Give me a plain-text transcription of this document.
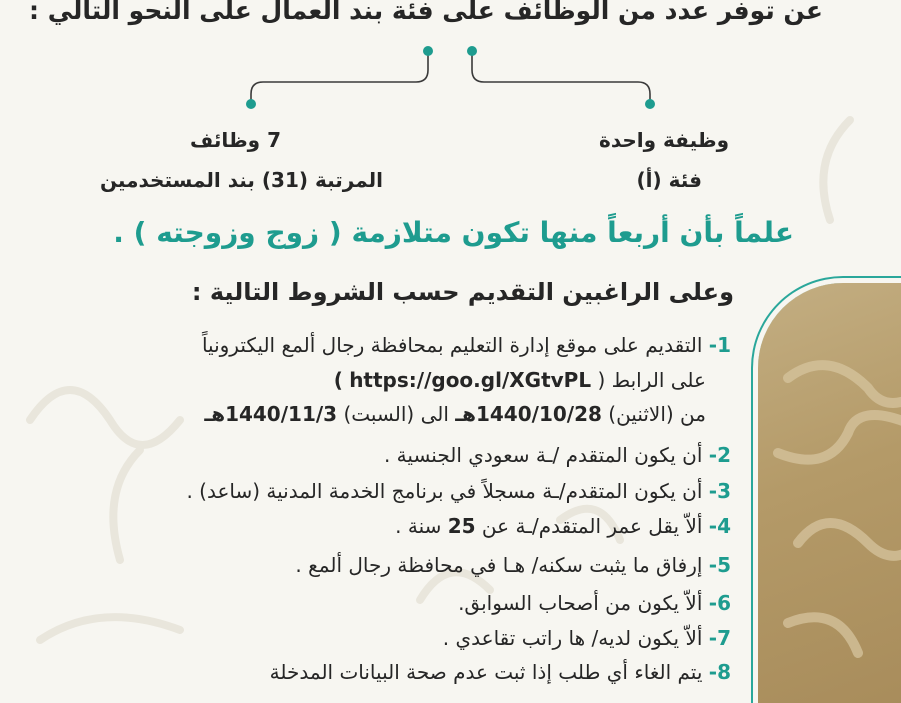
عن توفر عدد من الوظائف على فئة بند العمال على النحو التالي :
وظيفة واحدة
فئة (أ)
7 وظائف
المرتبة (31) بند المستخدمين
علماً بأن أربعاً منها تكون متلازمة ( زوج وزوجته ) .
وعلى الراغبين التقديم حسب الشروط التالية :
1- التقديم على موقع إدارة التعليم بمحافظة رجال ألمع اليكترونياً
على الرابط ( https://goo.gl/XGtvPL )
من (الاثنين) 1440/10/28هـ الى (السبت) 1440/11/3هـ
2- أن يكون المتقدم /ـة سعودي الجنسية .
3- أن يكون المتقدم/ـة مسجلاً في برنامج الخدمة المدنية (ساعد) .
4- ألاّ يقل عمر المتقدم/ـة عن 25 سنة .
5- إرفاق ما يثبت سكنه/ هـا في محافظة رجال ألمع .
6- ألاّ يكون من أصحاب السوابق.
7- ألاّ يكون لديه/ ها راتب تقاعدي .
8- يتم الغاء أي طلب إذا ثبت عدم صحة البيانات المدخلة
